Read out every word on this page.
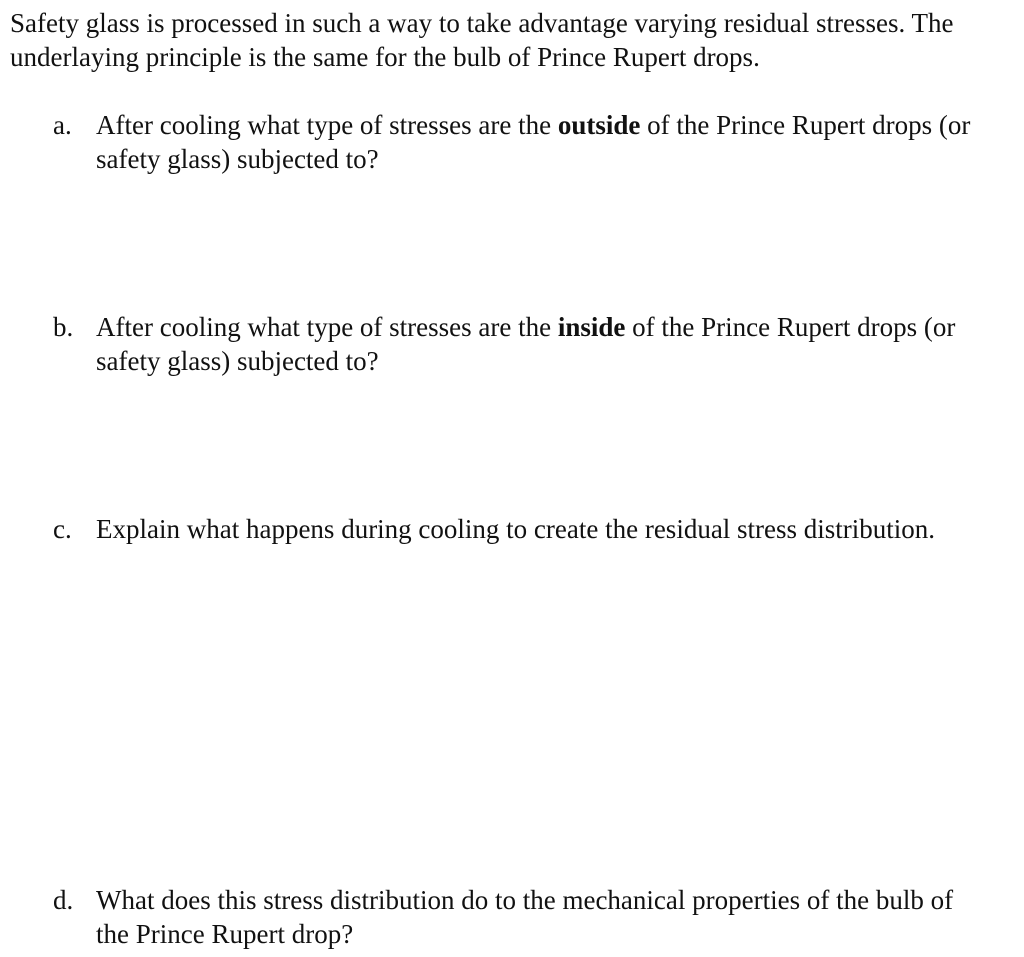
Safety glass is processed in such a way to take advantage varying residual stresses. The underlaying principle is the same for the bulb of Prince Rupert drops.

a. After cooling what type of stresses are the outside of the Prince Rupert drops (or safety glass) subjected to?
b. After cooling what type of stresses are the inside of the Prince Rupert drops (or safety glass) subjected to?
c. Explain what happens during cooling to create the residual stress distribution.
d. What does this stress distribution do to the mechanical properties of the bulb of the Prince Rupert drop?
